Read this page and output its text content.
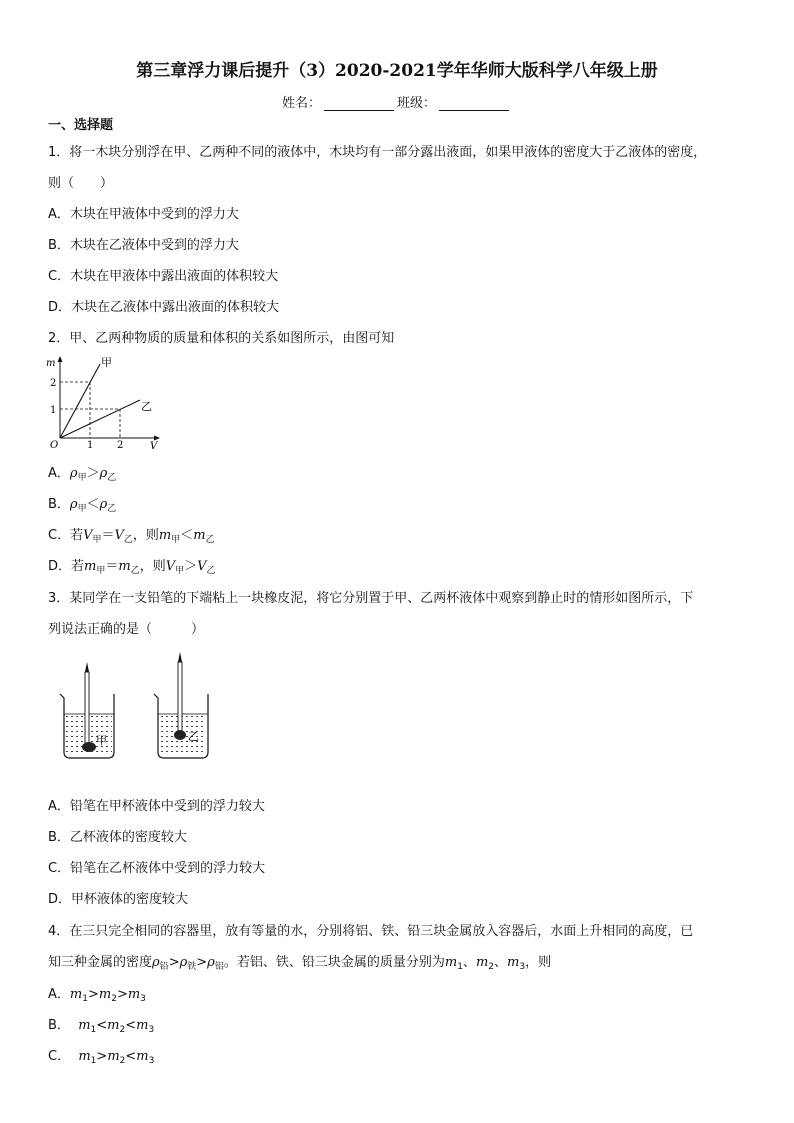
第三章浮力课后提升（3）2020-2021学年华师大版科学八年级上册
姓名：	班级：
一、选择题
1．将一木块分别浮在甲、乙两种不同的液体中，木块均有一部分露出液面，如果甲液体的密度大于乙液体的密度，
则（　　）
A．木块在甲液体中受到的浮力大
B．木块在乙液体中受到的浮力大
C．木块在甲液体中露出液面的体积较大
D．木块在乙液体中露出液面的体积较大
2．甲、乙两种物质的质量和体积的关系如图所示，由图可知
m
2
1
O	1 2	V
甲
乙
A．$\rho_甲>\rho_乙$
B．$\rho_甲<\rho_乙$
C．若$V_甲=V_乙$，则$m_甲<m_乙$
D．若$m_甲=m_乙$，则$V_甲>V_乙$
3．某同学在一支铅笔的下端粘上一块橡皮泥，将它分别置于甲、乙两杯液体中观察到静止时的情形如图所示，下
列说法正确的是（　　　）
甲	乙
A．铅笔在甲杯液体中受到的浮力较大
B．乙杯液体的密度较大
C．铅笔在乙杯液体中受到的浮力较大
D．甲杯液体的密度较大
4．在三只完全相同的容器里，放有等量的水，分别将铝、铁、铅三块金属放入容器后，水面上升相同的高度，已
知三种金属的密度$\rho_铅>\rho_铁>\rho_铝$。若铝、铁、铅三块金属的质量分别为$m_1$、$m_2$、$m_3$，则
A．$m_1>m_2>m_3$
B． $m_1<m_2<m_3$
C． $m_1>m_2<m_3$
